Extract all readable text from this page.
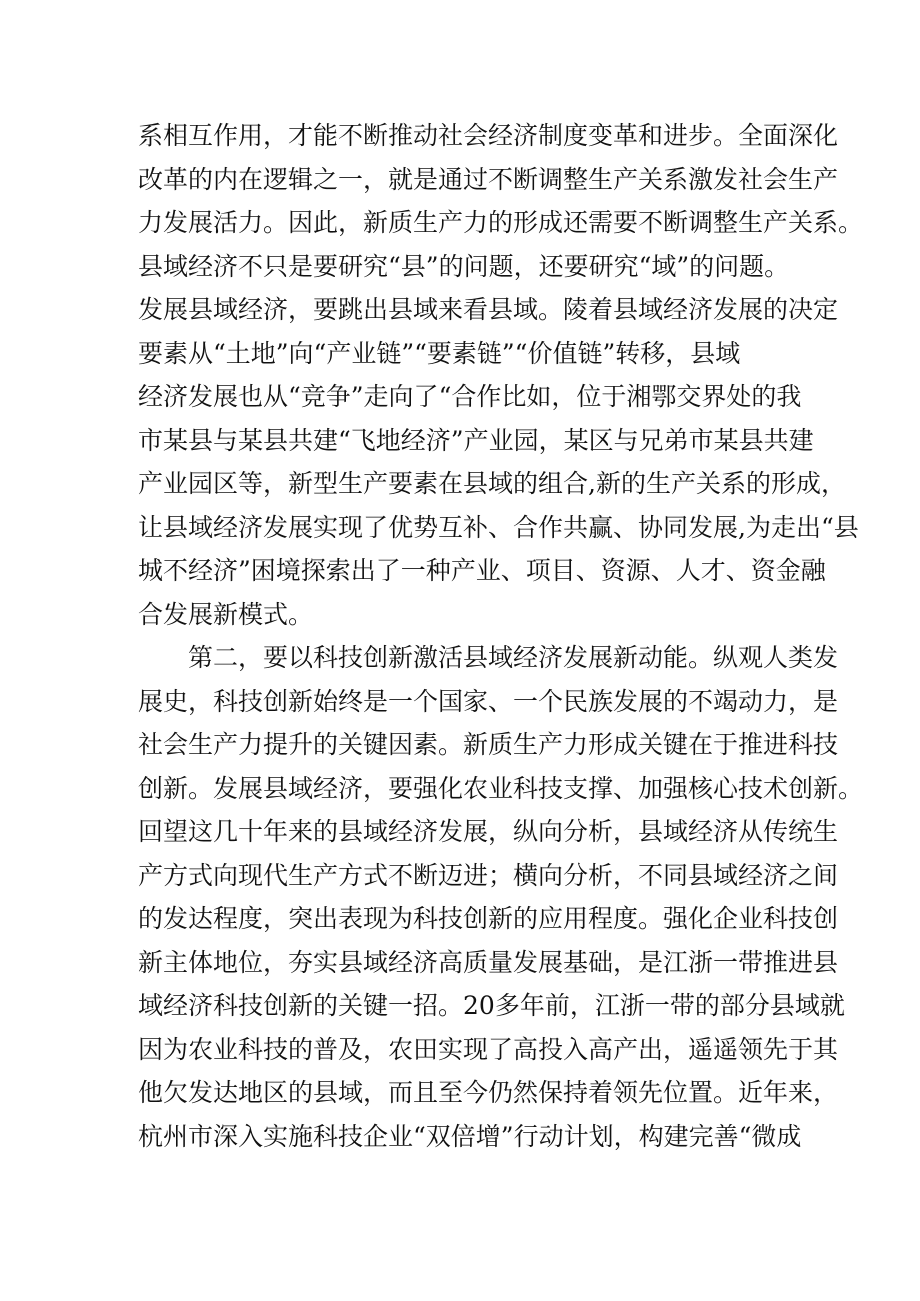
系相互作用，才能不断推动社会经济制度变革和进步。全面深化
改革的内在逻辑之一，就是通过不断调整生产关系激发社会生产
力发展活力。因此，新质生产力的形成还需要不断调整生产关系。
县域经济不只是要研究“县”的问题，还要研究“域”的问题。
发展县域经济，要跳出县域来看县域。陵着县域经济发展的决定
要素从“土地”向“产业链”“要素链”“价值链”转移，县域
经济发展也从“竞争”走向了“合作比如，位于湘鄂交界处的我
市某县与某县共建“飞地经济”产业园，某区与兄弟市某县共建
产业园区等，新型生产要素在县域的组合,新的生产关系的形成，
让县域经济发展实现了优势互补、合作共赢、协同发展,为走出“县
城不经济”困境探索出了一种产业、项目、资源、人才、资金融
合发展新模式。
第二，要以科技创新激活县域经济发展新动能。纵观人类发
展史，科技创新始终是一个国家、一个民族发展的不竭动力，是
社会生产力提升的关键因素。新质生产力形成关键在于推进科技
创新。发展县域经济，要强化农业科技支撑、加强核心技术创新。
回望这几十年来的县域经济发展，纵向分析，县域经济从传统生
产方式向现代生产方式不断迈进；横向分析，不同县域经济之间
的发达程度，突出表现为科技创新的应用程度。强化企业科技创
新主体地位，夯实县域经济高质量发展基础，是江浙一带推进县
域经济科技创新的关键一招。20多年前，江浙一带的部分县域就
因为农业科技的普及，农田实现了高投入高产出，遥遥领先于其
他欠发达地区的县域，而且至今仍然保持着领先位置。近年来，
杭州市深入实施科技企业“双倍增”行动计划，构建完善“微成
